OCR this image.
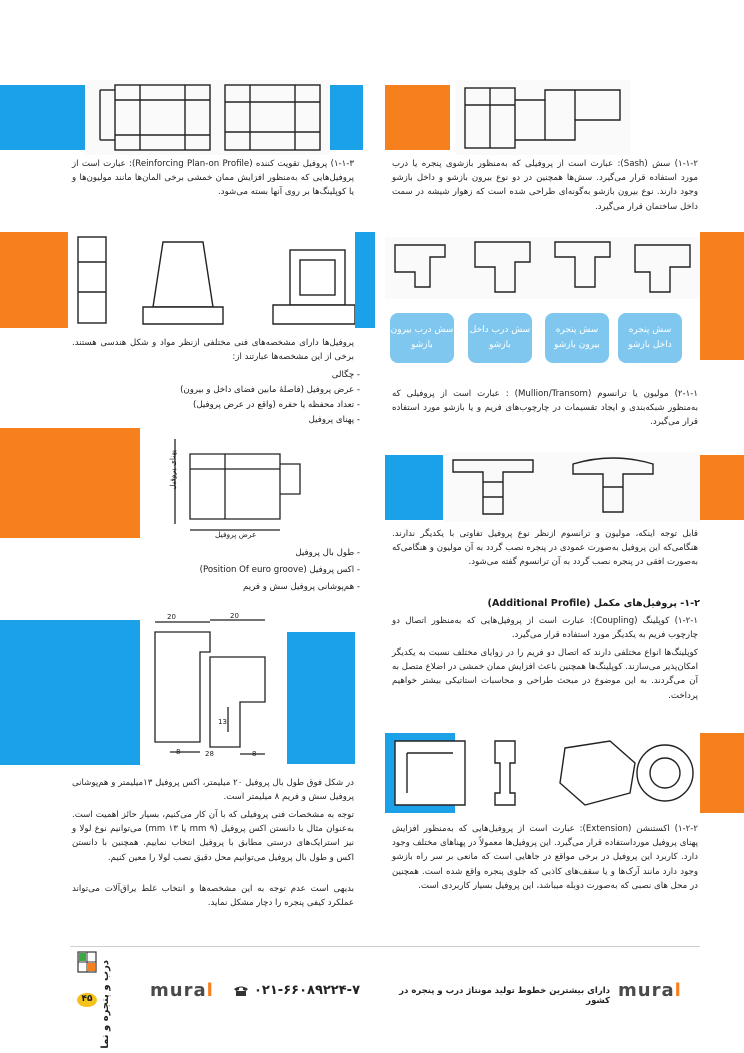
۱-۱-۲) سش (Sash): عبارت است از پروفیلی که به‌منظور بازشوی پنجره یا درب مورد استفاده قرار می‌گیرد. سش‌ها همچنین در دو نوع بیرون بازشو و داخل بازشو وجود دارند. نوع بیرون بازشو به‌گونه‌ای طراحی شده است که زهوار شیشه در سمت داخل ساختمان قرار می‌گیرد.

سش پنجره داخل بازشو
سش پنجره بیرون بازشو
سش درب داخل بازشو
سش درب بیرون بازشو

۲-۱-۱) مولیون یا ترانسوم (Mullion/Transom) : عبارت است از پروفیلی که به‌منظور شبکه‌بندی و ایجاد تقسیمات در چارچوب‌های فریم و یا بازشو مورد استفاده قرار می‌گیرد.

قابل توجه اینکه، مولیون و ترانسوم ازنظر نوع پروفیل تفاوتی با یکدیگر ندارند. هنگامی‌که این پروفیل به‌صورت عمودی در پنجره نصب گردد به آن مولیون و هنگامی‌که به‌صورت افقی در پنجره نصب گردد به آن ترانسوم گفته می‌شود.

۱-۲- پروفیل‌های مکمل (Additional Profile)

۱-۲-۱) کوپلینگ (Coupling): عبارت است از پروفیل‌هایی که به‌منظور اتصال دو چارچوب فریم به یکدیگر مورد استفاده قرار می‌گیرد.

کوپلینگ‌ها انواع مختلفی دارند که اتصال دو فریم را در زوایای مختلف نسبت به یکدیگر امکان‌پذیر می‌سازند. کوپلینگ‌ها همچنین باعث افزایش ممان خمشی در اضلاع متصل به آن می‌گردند. به این موضوع در مبحث طراحی و محاسبات استاتیکی بیشتر خواهیم پرداخت.

۱-۲-۲) اکستنشن (Extension): عبارت است از پروفیل‌هایی که به‌منظور افزایش پهنای پروفیل مورداستفاده قرار می‌گیرد. این پروفیل‌ها معمولاً در پهناهای مختلف وجود دارد. کاربرد این پروفیل در برخی مواقع در جاهایی است که مانعی بر سر راه بازشو وجود دارد مانند آرک‌ها و یا سقف‌های کاذبی که جلوی پنجره واقع شده است. همچنین در محل های نصبی که به‌صورت دوبله میباشد، این پروفیل بسیار کاربردی است.

۱-۱-۳) پروفیل تقویت کننده (Reinforcing Plan-on Profile): عبارت است از پروفیل‌هایی که به‌منظور افزایش ممان خمشی برخی المان‌ها مانند مولیون‌ها و یا کوپلینگ‌ها بر روی آنها بسته می‌شود.

پروفیل‌ها دارای مشخصه‌های فنی مختلفی ازنظر مواد و شکل هندسی هستند. برخی از این مشخصه‌ها عبارتند از:

- چگالی
- عرض پروفیل (فاصلهٔ مابین فضای داخل و بیرون)
- تعداد محفظه یا حفره (واقع در عرض پروفیل)
- پهنای پروفیل
پهنای پروفیل
عرض پروفیل
- طول بال پروفیل
- اکس پروفیل (Position Of euro groove)
- هم‌پوشانی پروفیل سش و فریم
20	20
13
8	8
28

در شکل فوق طول بال پروفیل ۲۰ میلیمتر، اکس پروفیل ۱۳میلیمتر و هم‌پوشانی پروفیل سش و فریم ۸ میلیمتر است.

توجه به مشخصات فنی پروفیلی که با آن کار می‌کنیم، بسیار حائز اهمیت است. به‌عنوان مثال با دانستن اکس پروفیل (۹ mm یا ۱۳ mm) می‌توانیم نوع لولا و نیز استرایک‌های درستی مطابق با پروفیل انتخاب نماییم. همچنین با دانستن اکس و طول بال پروفیل می‌توانیم محل دقیق نصب لولا را معین کنیم.

بدیهی است عدم توجه به این مشخصه‌ها و انتخاب غلط یراق‌آلات می‌تواند عملکرد کیفی پنجره را دچار مشکل نماید.

۴۵ درب و پنجره و نما muraا	۰۲۱-۶۶۰۸۹۲۲۴-۷	دارای بیشترین خطوط تولید مونتاژ درب و پنجره در کشور muraا
